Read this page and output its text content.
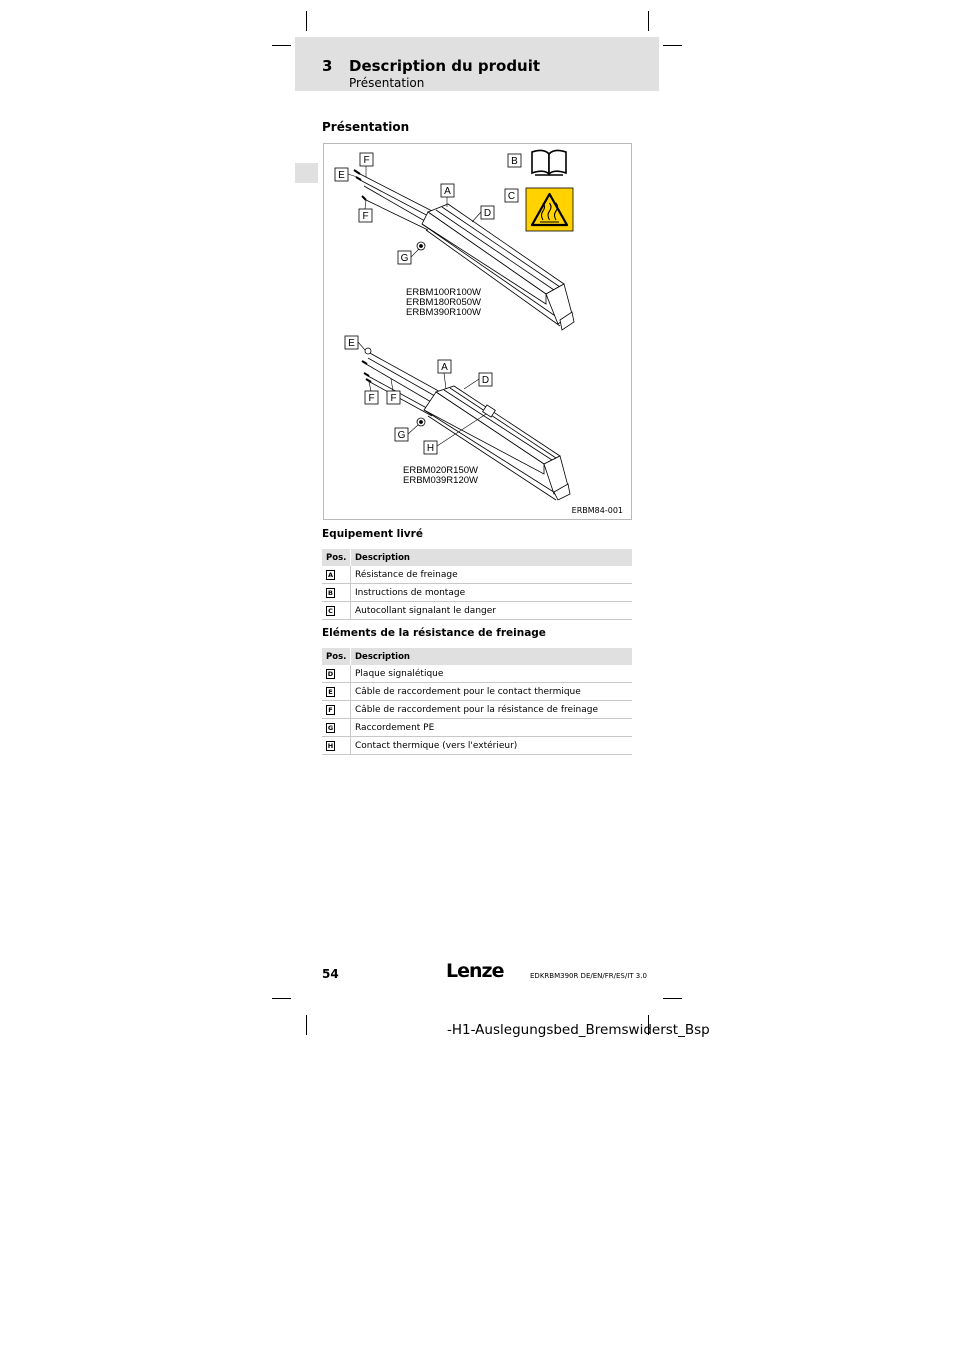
3 Description du produit
Présentation
Présentation
F
E
F
A
D
G
B
C
ERBM100R100W
ERBM180R050W
ERBM390R100W
E
A
D
F F
G
H
ERBM020R150W
ERBM039R120W
ERBM84-001
Equipement livré
Pos.	Description
A	Résistance de freinage
B	Instructions de montage
C	Autocollant signalant le danger
Eléments de la résistance de freinage
Pos.	Description
D	Plaque signalétique
E	Câble de raccordement pour le contact thermique
F	Câble de raccordement pour la résistance de freinage
G	Raccordement PE
H	Contact thermique (vers l'extérieur)
54	Lenze	EDKRBM390R DE/EN/FR/ES/IT 3.0
-H1-Auslegungsbed_Bremswiderst_Bsp
